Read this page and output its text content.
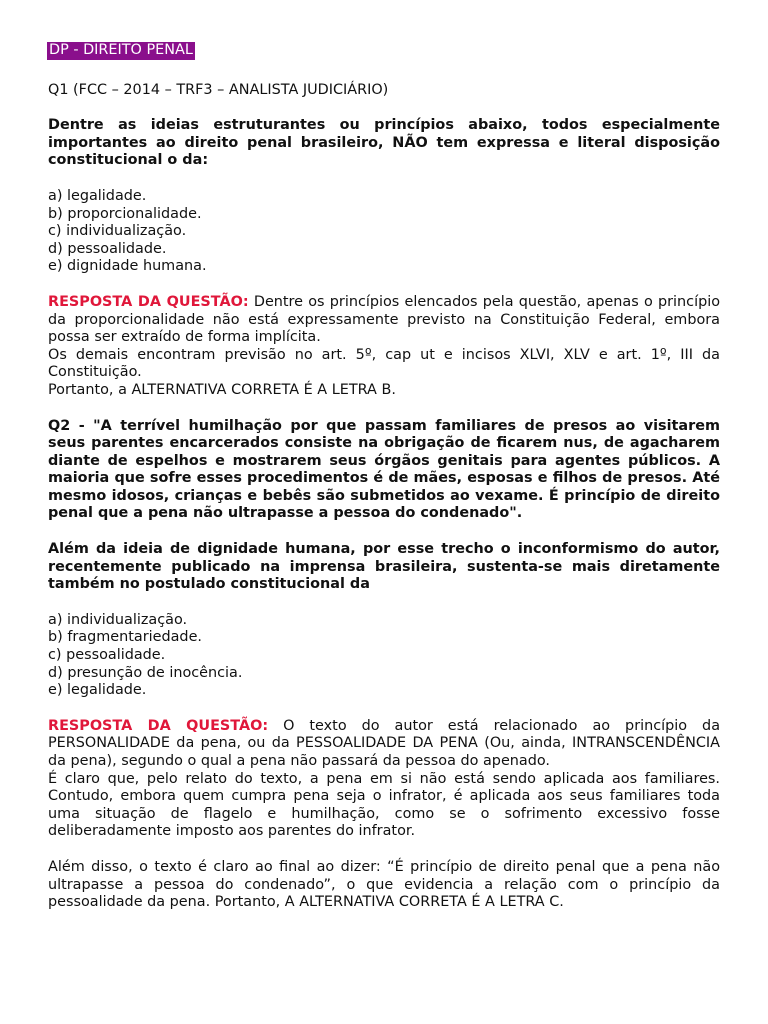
DP - DIREITO PENAL
Q1 (FCC – 2014 – TRF3 – ANALISTA JUDICIÁRIO)

Dentre as ideias estruturantes ou princípios abaixo, todos especialmente importantes ao direito penal brasileiro, NÃO tem expressa e literal disposição constitucional o da:

a) legalidade.
b) proporcionalidade.
c) individualização.
d) pessoalidade.
e) dignidade humana.
RESPOSTA DA QUESTÃO: Dentre os princípios elencados pela questão, apenas o princípio da proporcionalidade não está expressamente previsto na Constituição Federal, embora possa ser extraído de forma implícita.
Os demais encontram previsão no art. 5º, cap ut e incisos XLVI, XLV e art. 1º, III da Constituição.
Portanto, a ALTERNATIVA CORRETA É A LETRA B.

Q2 - "A terrível humilhação por que passam familiares de presos ao visitarem seus parentes encarcerados consiste na obrigação de ficarem nus, de agacharem diante de espelhos e mostrarem seus órgãos genitais para agentes públicos. A maioria que sofre esses procedimentos é de mães, esposas e filhos de presos. Até mesmo idosos, crianças e bebês são submetidos ao vexame. É princípio de direito penal que a pena não ultrapasse a pessoa do condenado".

Além da ideia de dignidade humana, por esse trecho o inconformismo do autor, recentemente publicado na imprensa brasileira, sustenta-se mais diretamente também no postulado constitucional da

a) individualização.
b) fragmentariedade.
c) pessoalidade.
d) presunção de inocência.
e) legalidade.
RESPOSTA DA QUESTÃO: O texto do autor está relacionado ao princípio da PERSONALIDADE da pena, ou da PESSOALIDADE DA PENA (Ou, ainda, INTRANSCENDÊNCIA da pena), segundo o qual a pena não passará da pessoa do apenado.
É claro que, pelo relato do texto, a pena em si não está sendo aplicada aos familiares. Contudo, embora quem cumpra pena seja o infrator, é aplicada aos seus familiares toda uma situação de flagelo e humilhação, como se o sofrimento excessivo fosse deliberadamente imposto aos parentes do infrator.
Além disso, o texto é claro ao final ao dizer: “É princípio de direito penal que a pena não ultrapasse a pessoa do condenado”, o que evidencia a relação com o princípio da pessoalidade da pena. Portanto, A ALTERNATIVA CORRETA É A LETRA C.
